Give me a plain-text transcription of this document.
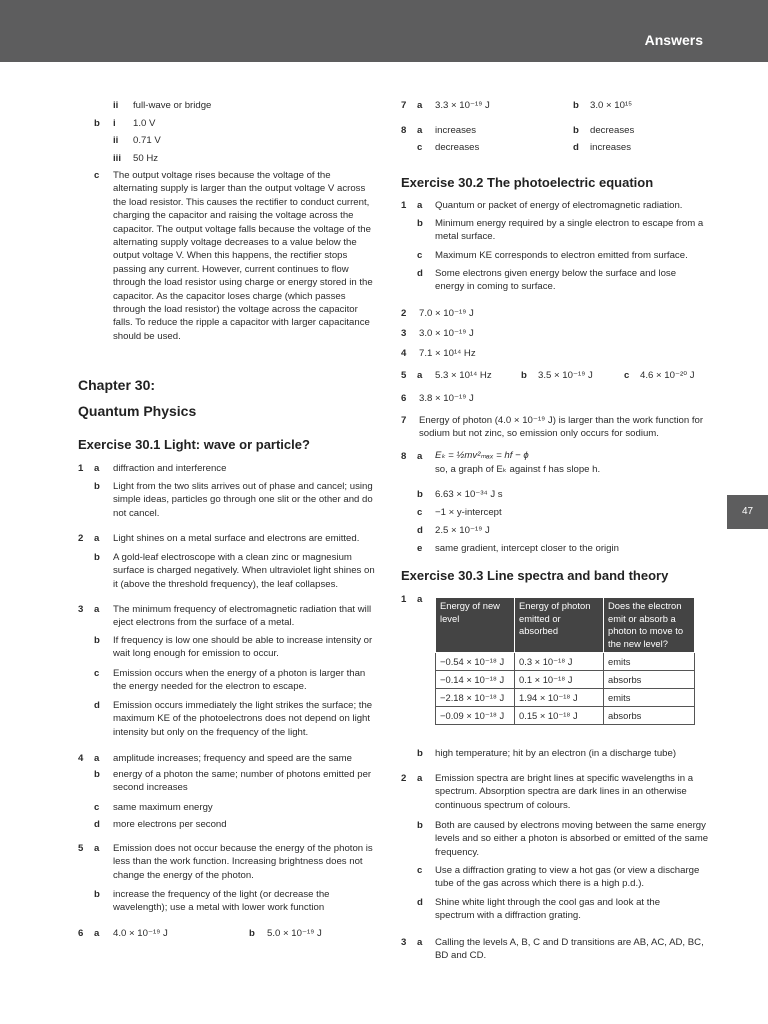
Answers
47
ii full-wave or bridge
b i 1.0 V
ii 0.71 V
iii 50 Hz
c The output voltage rises because the voltage of the alternating supply is larger than the output voltage V across the load resistor. This causes the rectifier to conduct current, charging the capacitor and raising the voltage across the capacitor. The output voltage falls because the voltage of the alternating supply voltage decreases to a value below the output voltage V. When this happens, the rectifier stops passing any current. However, current continues to flow through the load resistor using charge or energy stored in the capacitor. As the capacitor loses charge (which passes through the load resistor) the voltage across the capacitor falls. To reduce the ripple a capacitor with larger capacitance should be used.
Chapter 30:
Quantum Physics
Exercise 30.1 Light: wave or particle?
1 a diffraction and interference
b Light from the two slits arrives out of phase and cancel; using simple ideas, particles go through one slit or the other and do not cancel.
2 a Light shines on a metal surface and electrons are emitted.
b A gold-leaf electroscope with a clean zinc or magnesium surface is charged negatively. When ultraviolet light shines on it (above the threshold frequency), the leaf collapses.
3 a The minimum frequency of electromagnetic radiation that will eject electrons from the surface of a metal.
b If frequency is low one should be able to increase intensity or wait long enough for emission to occur.
c Emission occurs when the energy of a photon is larger than the energy needed for the electron to escape.
d Emission occurs immediately the light strikes the surface; the maximum KE of the photoelectrons does not depend on light intensity but only on the frequency of the light.
4 a amplitude increases; frequency and speed are the same
b energy of a photon the same; number of photons emitted per second increases
c same maximum energy
d more electrons per second
5 a Emission does not occur because the energy of the photon is less than the work function. Increasing brightness does not change the energy of the photon.
b increase the frequency of the light (or decrease the wavelength); use a metal with lower work function
6 a 4.0 × 10⁻¹⁹ J	b 5.0 × 10⁻¹⁹ J
7 a 3.3 × 10⁻¹⁹ J	b 3.0 × 10¹⁵
8 a increases	b decreases
c decreases	d increases
Exercise 30.2 The photoelectric equation
1 a Quantum or packet of energy of electromagnetic radiation.
b Minimum energy required by a single electron to escape from a metal surface.
c Maximum KE corresponds to electron emitted from surface.
d Some electrons given energy below the surface and lose energy in coming to surface.
2 7.0 × 10⁻¹⁹ J
3 3.0 × 10⁻¹⁹ J
4 7.1 × 10¹⁴ Hz
5 a 5.3 × 10¹⁴ Hz	b 3.5 × 10⁻¹⁹ J	c 4.6 × 10⁻²⁰ J
6 3.8 × 10⁻¹⁹ J
7 Energy of photon (4.0 × 10⁻¹⁹ J) is larger than the work function for sodium but not zinc, so emission only occurs for sodium.
8 a Eₖ = ½mv²ₘₐₓ = hf − ϕ
so, a graph of Eₖ against f has slope h.
b 6.63 × 10⁻³⁴ J s
c −1 × y-intercept
d 2.5 × 10⁻¹⁹ J
e same gradient, intercept closer to the origin
Exercise 30.3 Line spectra and band theory
1 a
Energy of new level	Energy of photon emitted or absorbed	Does the electron emit or absorb a photon to move to the new level?
−0.54 × 10⁻¹⁸ J	0.3 × 10⁻¹⁸ J	emits
−0.14 × 10⁻¹⁸ J	0.1 × 10⁻¹⁸ J	absorbs
−2.18 × 10⁻¹⁸ J	1.94 × 10⁻¹⁸ J	emits
−0.09 × 10⁻¹⁸ J	0.15 × 10⁻¹⁸ J	absorbs
b high temperature; hit by an electron (in a discharge tube)
2 a Emission spectra are bright lines at specific wavelengths in a spectrum. Absorption spectra are dark lines in an otherwise continuous spectrum of colours.
b Both are caused by electrons moving between the same energy levels and so either a photon is absorbed or emitted of the same frequency.
c Use a diffraction grating to view a hot gas (or view a discharge tube of the gas across which there is a high p.d.).
d Shine white light through the cool gas and look at the spectrum with a diffraction grating.
3 a Calling the levels A, B, C and D transitions are AB, AC, AD, BC, BD and CD.
